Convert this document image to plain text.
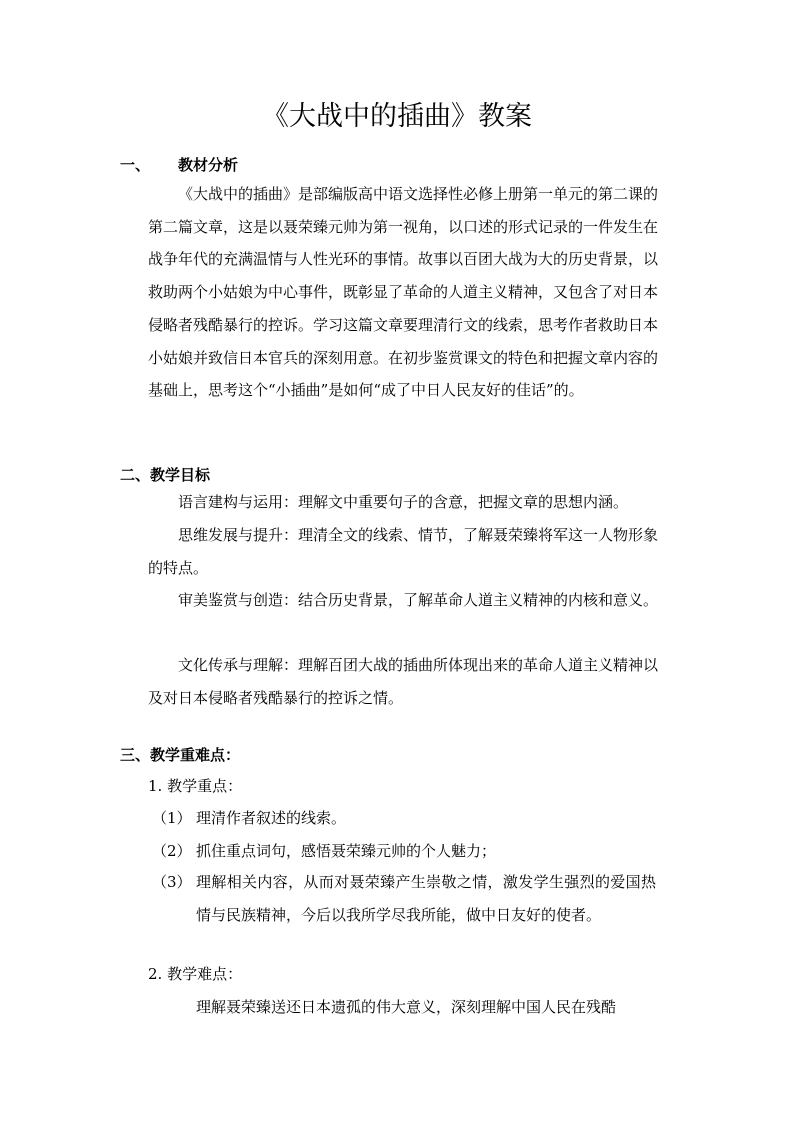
《大战中的插曲》教案
一、 教材分析

《大战中的插曲》是部编版高中语文选择性必修上册第一单元的第二课的第二篇文章，这是以聂荣臻元帅为第一视角，以口述的形式记录的一件发生在战争年代的充满温情与人性光环的事情。故事以百团大战为大的历史背景，以救助两个小姑娘为中心事件，既彰显了革命的人道主义精神，又包含了对日本侵略者残酷暴行的控诉。学习这篇文章要理清行文的线索，思考作者救助日本小姑娘并致信日本官兵的深刻用意。在初步鉴赏课文的特色和把握文章内容的基础上，思考这个“小插曲”是如何“成了中日人民友好的佳话”的。

二、教学目标

语言建构与运用：理解文中重要句子的含意，把握文章的思想内涵。

思维发展与提升：理清全文的线索、情节，了解聂荣臻将军这一人物形象的特点。

审美鉴赏与创造：结合历史背景，了解革命人道主义精神的内核和意义。

文化传承与理解：理解百团大战的插曲所体现出来的革命人道主义精神以及对日本侵略者残酷暴行的控诉之情。

三、教学重难点：

1. 教学重点：

（1） 理清作者叙述的线索。

（2） 抓住重点词句，感悟聂荣臻元帅的个人魅力；

（3） 理解相关内容，从而对聂荣臻产生崇敬之情，激发学生强烈的爱国热情与民族精神，今后以我所学尽我所能，做中日友好的使者。

2. 教学难点：

理解聂荣臻送还日本遗孤的伟大意义，深刻理解中国人民在残酷
